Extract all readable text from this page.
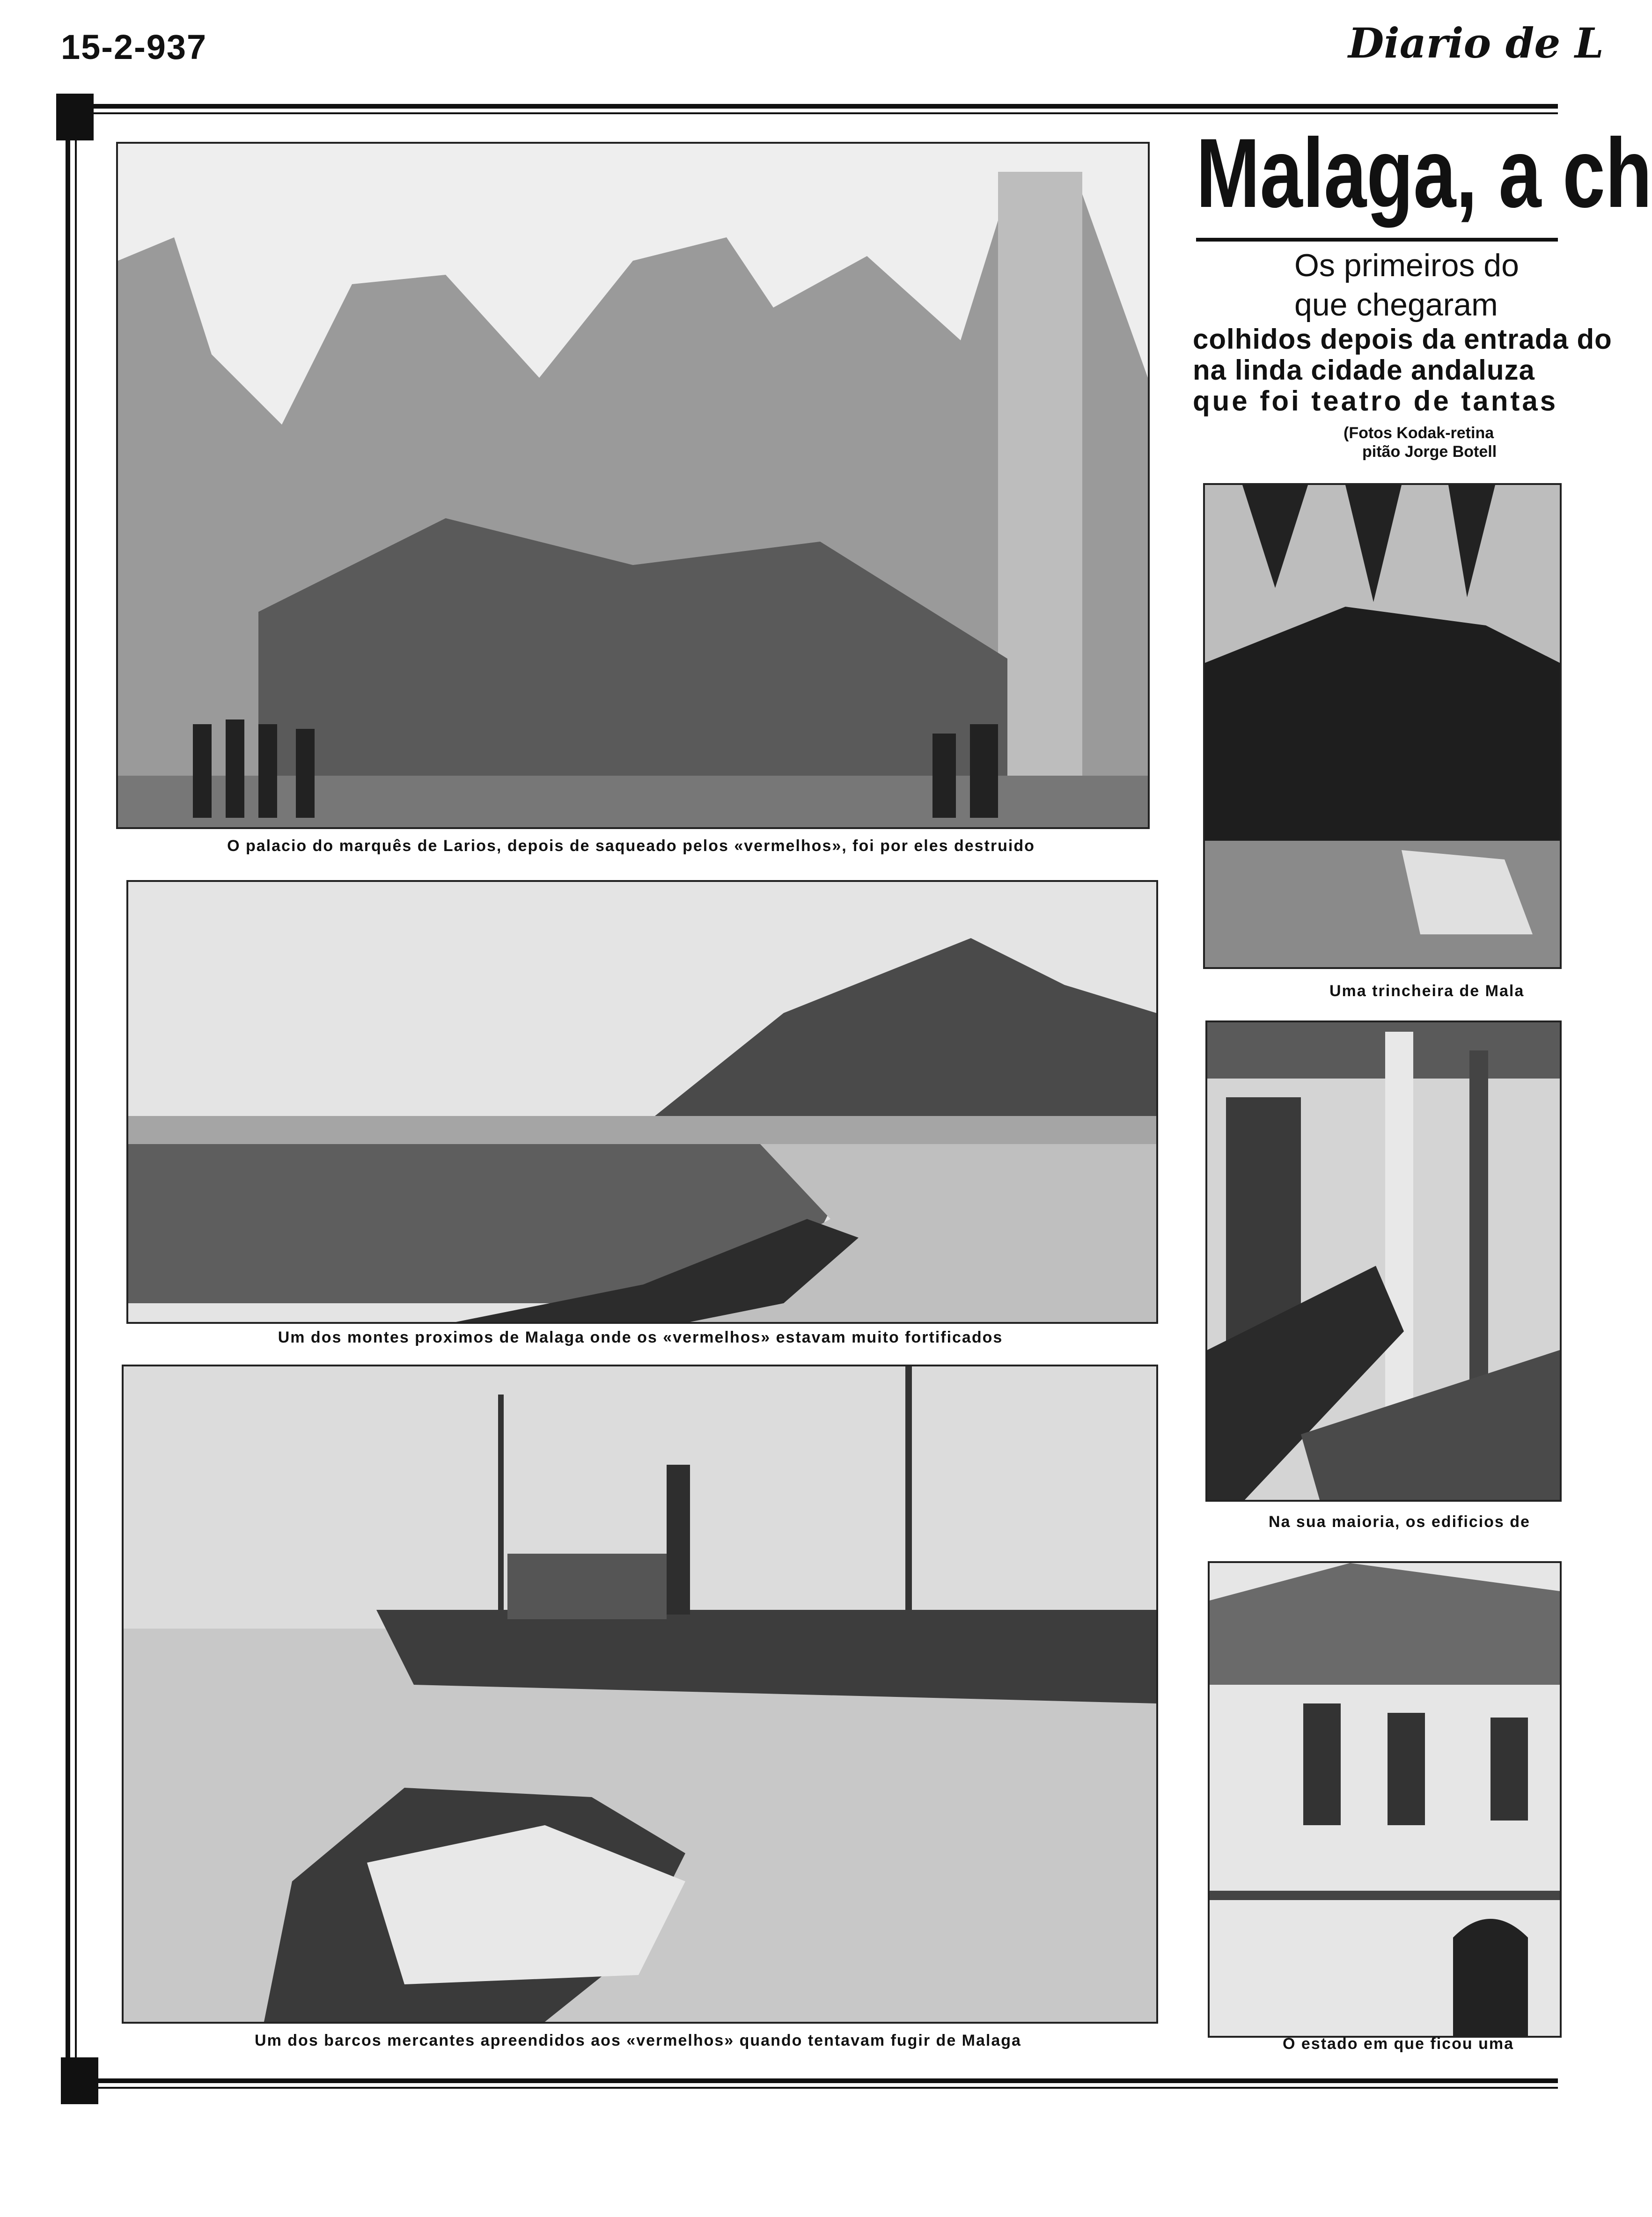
15-2-937	Diario de L
O palacio do marquês de Larios, depois de saqueado pelos «vermelhos», foi por eles destruido
Um dos montes proximos de Malaga onde os «vermelhos» estavam muito fortificados
Um dos barcos mercantes apreendidos aos «vermelhos» quando tentavam fugir de Malaga
Malaga, a ch
Os primeiros do
que chegaram
colhidos depois da entrada do
na linda cidade andaluza
que foi teatro de tantas
(Fotos Kodak-retina
pitão Jorge Botell
Uma trincheira de Mala
Na sua maioria, os edificios de
O estado em que ficou uma
